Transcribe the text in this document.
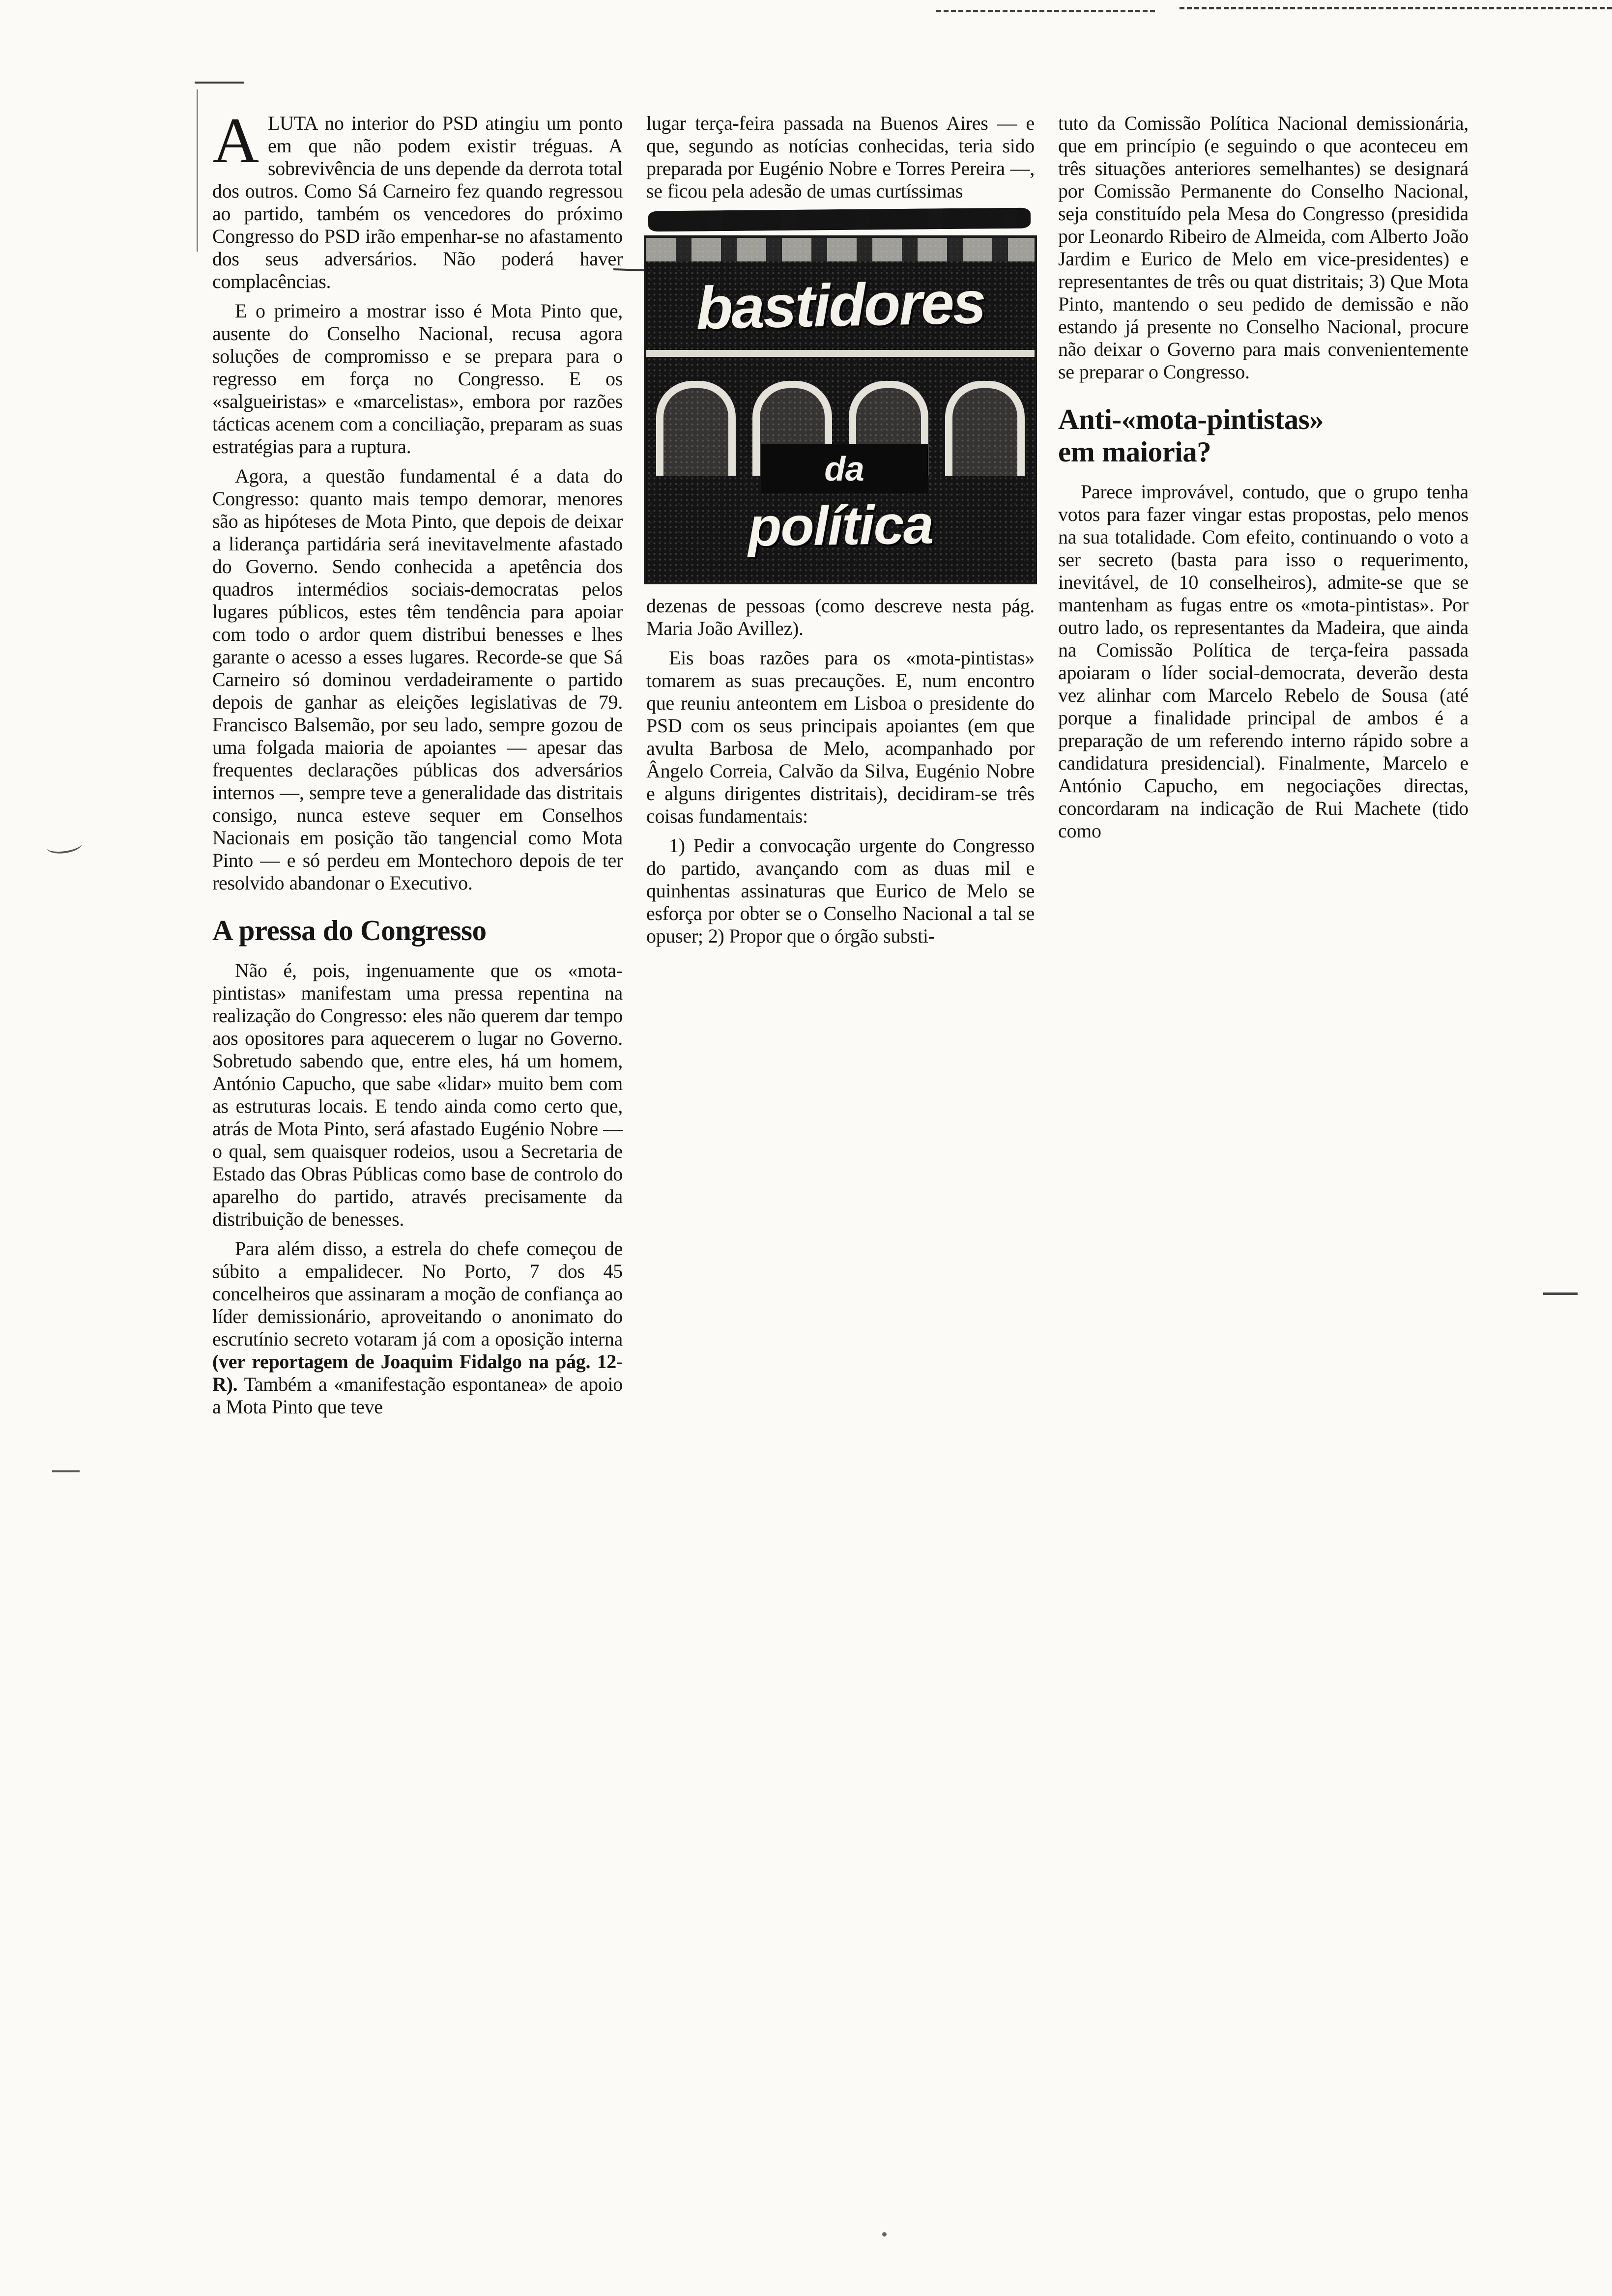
ALUTA no interior do PSD atingiu um ponto em que não podem existir tréguas. A sobrevivência de uns depende da derrota total dos outros. Como Sá Carneiro fez quando regressou ao partido, também os vencedores do próximo Congresso do PSD irão empenhar-se no afastamento dos seus adversários. Não poderá haver complacências.

E o primeiro a mostrar isso é Mota Pinto que, ausente do Conselho Nacional, recusa agora soluções de compromisso e se prepara para o regresso em força no Congresso. E os «salgueiristas» e «marcelistas», embora por razões tácticas acenem com a conciliação, preparam as suas estratégias para a ruptura.

Agora, a questão fundamental é a data do Congresso: quanto mais tempo demorar, menores são as hipóteses de Mota Pinto, que depois de deixar a liderança partidária será inevitavelmente afastado do Governo. Sendo conhecida a apetência dos quadros intermédios sociais-democratas pelos lugares públicos, estes têm tendência para apoiar com todo o ardor quem distribui benesses e lhes garante o acesso a esses lugares. Recorde-se que Sá Carneiro só dominou verdadeiramente o partido depois de ganhar as eleições legislativas de 79. Francisco Balsemão, por seu lado, sempre gozou de uma folgada maioria de apoiantes — apesar das frequentes declarações públicas dos adversários internos —, sempre teve a generalidade das distritais consigo, nunca esteve sequer em Conselhos Nacionais em posição tão tangencial como Mota Pinto — e só perdeu em Montechoro depois de ter resolvido abandonar o Executivo.

A pressa do Congresso

Não é, pois, ingenuamente que os «mota-pintistas» manifestam uma pressa repentina na realização do Congresso: eles não querem dar tempo aos opositores para aquecerem o lugar no Governo. Sobretudo sabendo que, entre eles, há um homem, António Capucho, que sabe «lidar» muito bem com as estruturas locais. E tendo ainda como certo que, atrás de Mota Pinto, será afastado Eugénio Nobre — o qual, sem quaisquer rodeios, usou a Secretaria de Estado das Obras Públicas como base de controlo do aparelho do partido, através precisamente da distribuição de benesses.

Para além disso, a estrela do chefe começou de súbito a empalidecer. No Porto, 7 dos 45 concelheiros que assinaram a moção de confiança ao líder demissionário, aproveitando o anonimato do escrutínio secreto votaram já com a oposição interna (ver reportagem de Joaquim Fidalgo na pág. 12-R). Também a «manifestação espontanea» de apoio a Mota Pinto que teve

lugar terça-feira passada na Buenos Aires — e que, segundo as notícias conhecidas, teria sido preparada por Eugénio Nobre e Torres Pereira —, se ficou pela adesão de umas curtíssimas

bastidores
da
política

dezenas de pessoas (como descreve nesta pág. Maria João Avillez).

Eis boas razões para os «mota-pintistas» tomarem as suas precauções. E, num encontro que reuniu anteontem em Lisboa o presidente do PSD com os seus principais apoiantes (em que avulta Barbosa de Melo, acompanhado por Ângelo Correia, Calvão da Silva, Eugénio Nobre e alguns dirigentes distritais), decidiram-se três coisas fundamentais:

1) Pedir a convocação urgente do Congresso do partido, avançando com as duas mil e quinhentas assinaturas que Eurico de Melo se esforça por obter se o Conselho Nacional a tal se opuser; 2) Propor que o órgão substi-

tuto da Comissão Política Nacional demissionária, que em princípio (e seguindo o que aconteceu em três situações anteriores semelhantes) se designará por Comissão Permanente do Conselho Nacional, seja constituído pela Mesa do Congresso (presidida por Leonardo Ribeiro de Almeida, com Alberto João Jardim e Eurico de Melo em vice-presidentes) e representantes de três ou quat distritais; 3) Que Mota Pinto, mantendo o seu pedido de demissão e não estando já presente no Conselho Nacional, procure não deixar o Governo para mais convenientemente se preparar o Congresso.

Anti-«mota-pintistas»
em maioria?

Parece improvável, contudo, que o grupo tenha votos para fazer vingar estas propostas, pelo menos na sua totalidade. Com efeito, continuando o voto a ser secreto (basta para isso o requerimento, inevitável, de 10 conselheiros), admite-se que se mantenham as fugas entre os «mota-pintistas». Por outro lado, os representantes da Madeira, que ainda na Comissão Política de terça-feira passada apoiaram o líder social-democrata, deverão desta vez alinhar com Marcelo Rebelo de Sousa (até porque a finalidade principal de ambos é a preparação de um referendo interno rápido sobre a candidatura presidencial). Finalmente, Marcelo e António Capucho, em negociações directas, concordaram na indicação de Rui Machete (tido como
